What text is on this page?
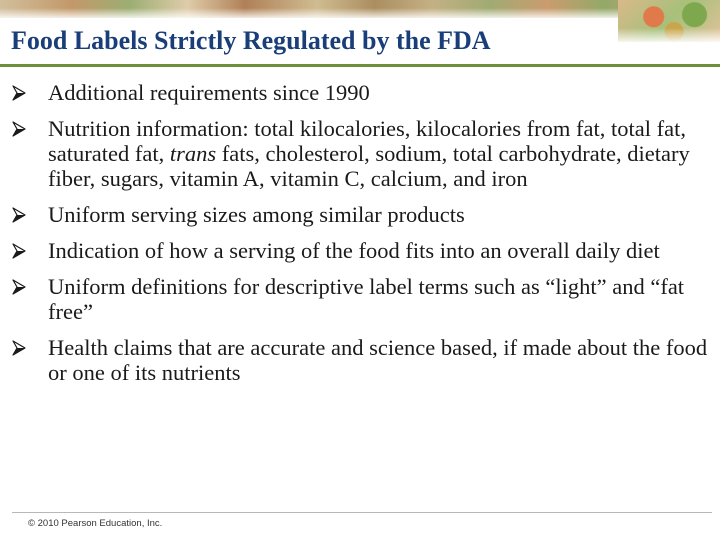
Food Labels Strictly Regulated by the FDA
Additional requirements since 1990
Nutrition information: total kilocalories, kilocalories from fat, total fat, saturated fat, trans fats, cholesterol, sodium, total carbohydrate, dietary fiber, sugars, vitamin A, vitamin C, calcium, and iron
Uniform serving sizes among similar products
Indication of how a serving of the food fits into an overall daily diet
Uniform definitions for descriptive label terms such as “light” and “fat free”
Health claims that are accurate and science based, if made about the food or one of its nutrients
© 2010 Pearson Education, Inc.
